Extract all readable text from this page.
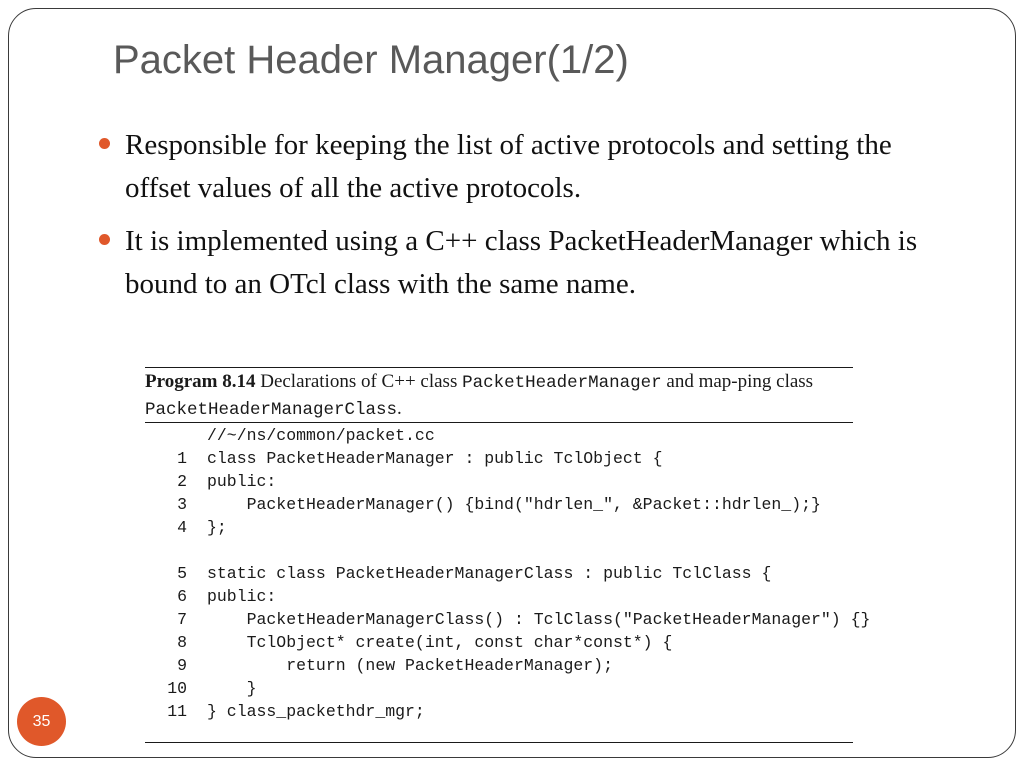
Packet Header Manager(1/2)
Responsible for keeping the list of active protocols and setting the offset values of all the active protocols.
It is implemented using a C++ class PacketHeaderManager which is bound to an OTcl class with the same name.
Program 8.14 Declarations of C++ class PacketHeaderManager and map-ping class PacketHeaderManagerClass.
//~/ns/common/packet.cc
1 class PacketHeaderManager : public TclObject {
2 public:
3 PacketHeaderManager() {bind("hdrlen_", &Packet::hdrlen_);}
4 };
5 static class PacketHeaderManagerClass : public TclClass {
6 public:
7 PacketHeaderManagerClass() : TclClass("PacketHeaderManager") {}
8 TclObject* create(int, const char*const*) {
9 return (new PacketHeaderManager);
10 }
11 } class_packethdr_mgr;
35
